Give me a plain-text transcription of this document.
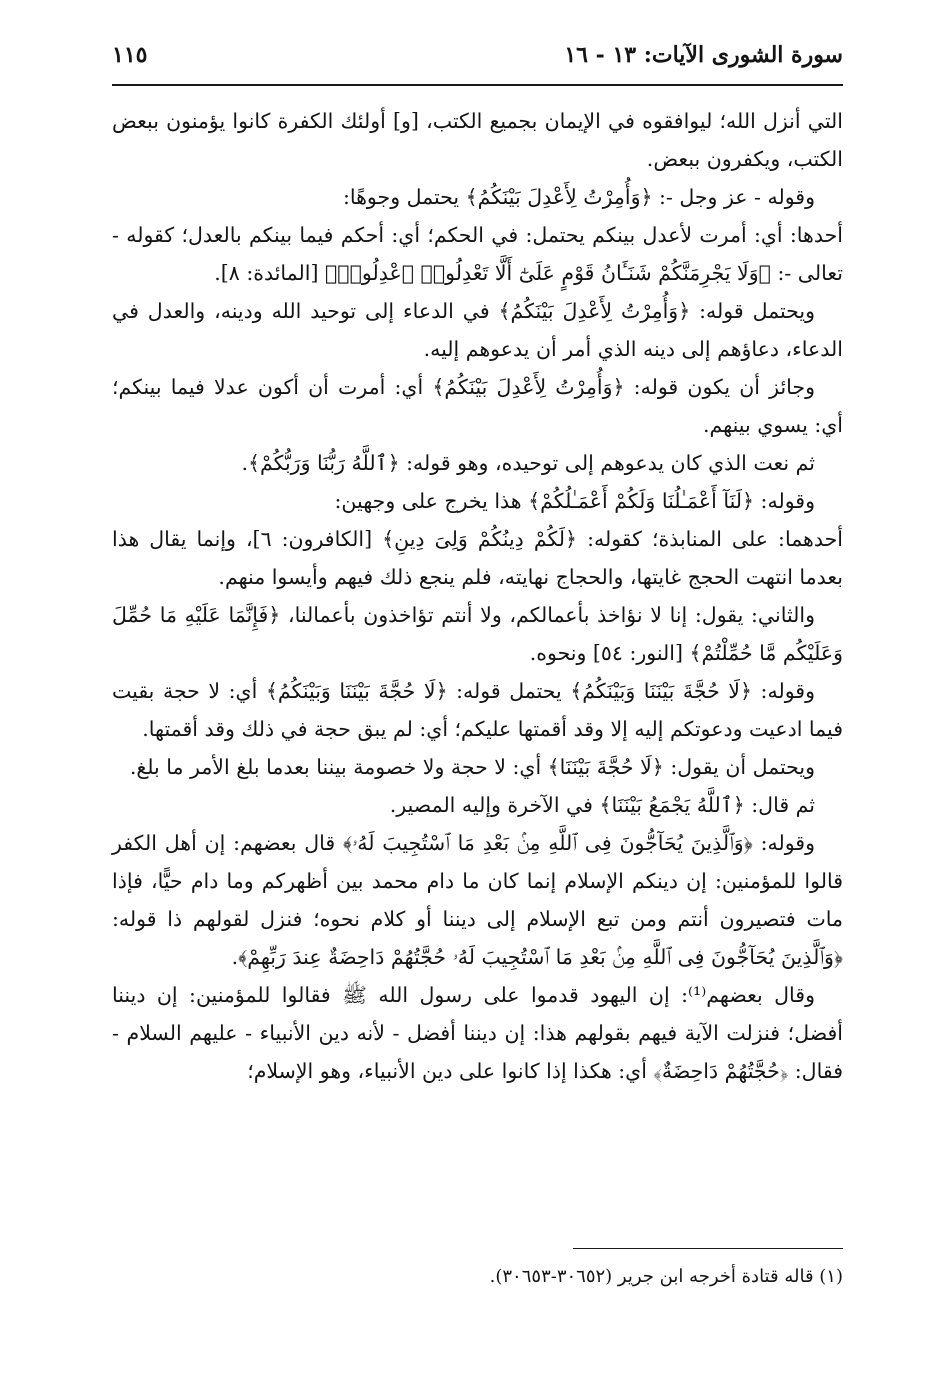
سورة الشورى الآيات: ١٣ - ١٦
١١٥

التي أنزل الله؛ ليوافقوه في الإيمان بجميع الكتب، [و] أولئك الكفرة كانوا يؤمنون ببعض الكتب، ويكفرون ببعض.

وقوله - عز وجل -: ﴿وَأُمِرْتُ لِأَعْدِلَ بَيْنَكُمُ﴾ يحتمل وجوهًا:

أحدها: أي: أمرت لأعدل بينكم يحتمل: في الحكم؛ أي: أحكم فيما بينكم بالعدل؛ كقوله - تعالى -: ﴿وَلَا يَجْرِمَنَّكُمْ شَنَـَٔانُ قَوْمٍ عَلَىٰٓ أَلَّا تَعْدِلُوا۟ ٱعْدِلُوا۟﴾ [المائدة: ٨].

ويحتمل قوله: ﴿وَأُمِرْتُ لِأَعْدِلَ بَيْنَكُمُ﴾ في الدعاء إلى توحيد الله ودينه، والعدل في الدعاء، دعاؤهم إلى دينه الذي أمر أن يدعوهم إليه.

وجائز أن يكون قوله: ﴿وَأُمِرْتُ لِأَعْدِلَ بَيْنَكُمُ﴾ أي: أمرت أن أكون عدلا فيما بينكم؛ أي: يسوي بينهم.

ثم نعت الذي كان يدعوهم إلى توحيده، وهو قوله: ﴿ٱللَّهُ رَبُّنَا وَرَبُّكُمْ﴾.

وقوله: ﴿لَنَآ أَعْمَـٰلُنَا وَلَكُمْ أَعْمَـٰلُكُمْ﴾ هذا يخرج على وجهين:

أحدهما: على المنابذة؛ كقوله: ﴿لَكُمْ دِينُكُمْ وَلِىَ دِينِ﴾ [الكافرون: ٦]، وإنما يقال هذا بعدما انتهت الحجج غايتها، والحجاج نهايته، فلم ينجع ذلك فيهم وأيسوا منهم.

والثاني: يقول: إنا لا نؤاخذ بأعمالكم، ولا أنتم تؤاخذون بأعمالنا، ﴿فَإِنَّمَا عَلَيْهِ مَا حُمِّلَ وَعَلَيْكُم مَّا حُمِّلْتُمْ﴾ [النور: ٥٤] ونحوه.

وقوله: ﴿لَا حُجَّةَ بَيْنَنَا وَبَيْنَكُمُ﴾ يحتمل قوله: ﴿لَا حُجَّةَ بَيْنَنَا وَبَيْنَكُمُ﴾ أي: لا حجة بقيت فيما ادعيت ودعوتكم إليه إلا وقد أقمتها عليكم؛ أي: لم يبق حجة في ذلك وقد أقمتها.

ويحتمل أن يقول: ﴿لَا حُجَّةَ بَيْنَنَا﴾ أي: لا حجة ولا خصومة بيننا بعدما بلغ الأمر ما بلغ.

ثم قال: ﴿ٱللَّهُ يَجْمَعُ بَيْنَنَا﴾ في الآخرة وإليه المصير.

وقوله: ﴿وَٱلَّذِينَ يُحَآجُّونَ فِى ٱللَّهِ مِنۢ بَعْدِ مَا ٱسْتُجِيبَ لَهُۥ﴾ قال بعضهم: إن أهل الكفر قالوا للمؤمنين: إن دينكم الإسلام إنما كان ما دام محمد بين أظهركم وما دام حيًّا، فإذا مات فتصيرون أنتم ومن تبع الإسلام إلى ديننا أو كلام نحوه؛ فنزل لقولهم ذا قوله: ﴿وَٱلَّذِينَ يُحَآجُّونَ فِى ٱللَّهِ مِنۢ بَعْدِ مَا ٱسْتُجِيبَ لَهُۥ حُجَّتُهُمْ دَاحِضَةٌ عِندَ رَبِّهِمْ﴾.

وقال بعضهم⁽¹⁾: إن اليهود قدموا على رسول الله ﷺ فقالوا للمؤمنين: إن ديننا أفضل؛ فنزلت الآية فيهم بقولهم هذا: إن ديننا أفضل - لأنه دين الأنبياء - عليهم السلام - فقال: ﴿حُجَّتُهُمْ دَاحِضَةٌ﴾ أي: هكذا إذا كانوا على دين الأنبياء، وهو الإسلام؛

(١) قاله قتادة أخرجه ابن جرير (٣٠٦٥٢-٣٠٦٥٣).
